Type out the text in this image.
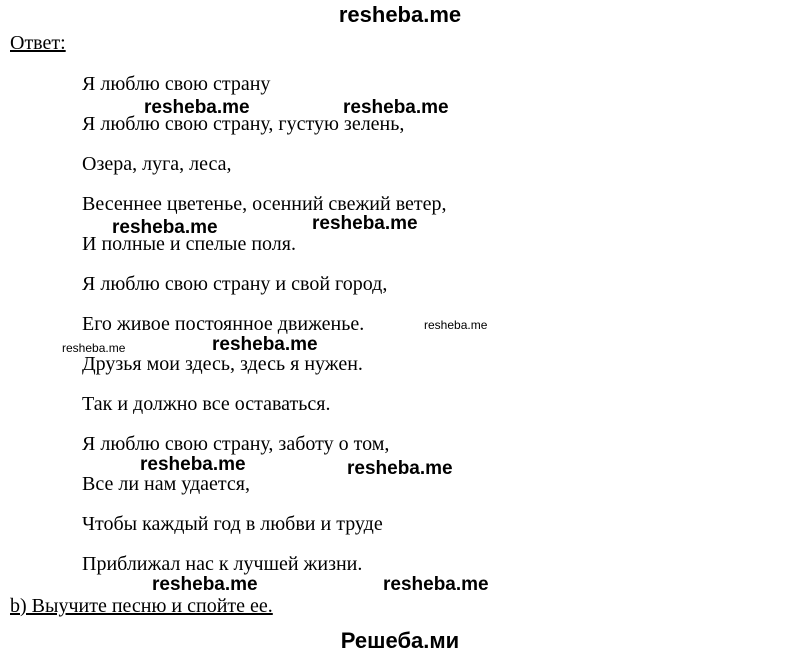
resheba.me
Ответ:
Я люблю свою страну
Я люблю свою страну, густую зелень,
Озера, луга, леса,
Весеннее цветенье, осенний свежий ветер,
И полные и спелые поля.
Я люблю свою страну и свой город,
Его живое постоянное движенье.
Друзья мои здесь, здесь я нужен.
Так и должно все оставаться.
Я люблю свою страну, заботу о том,
Все ли нам удается,
Чтобы каждый год в любви и труде
Приближал нас к лучшей жизни.
b) Выучите песню и спойте ее.
Решеба.ми
resheba.me	resheba.me
resheba.me	resheba.me
resheba.me
resheba.me	resheba.me
resheba.me	resheba.me
resheba.me	resheba.me
